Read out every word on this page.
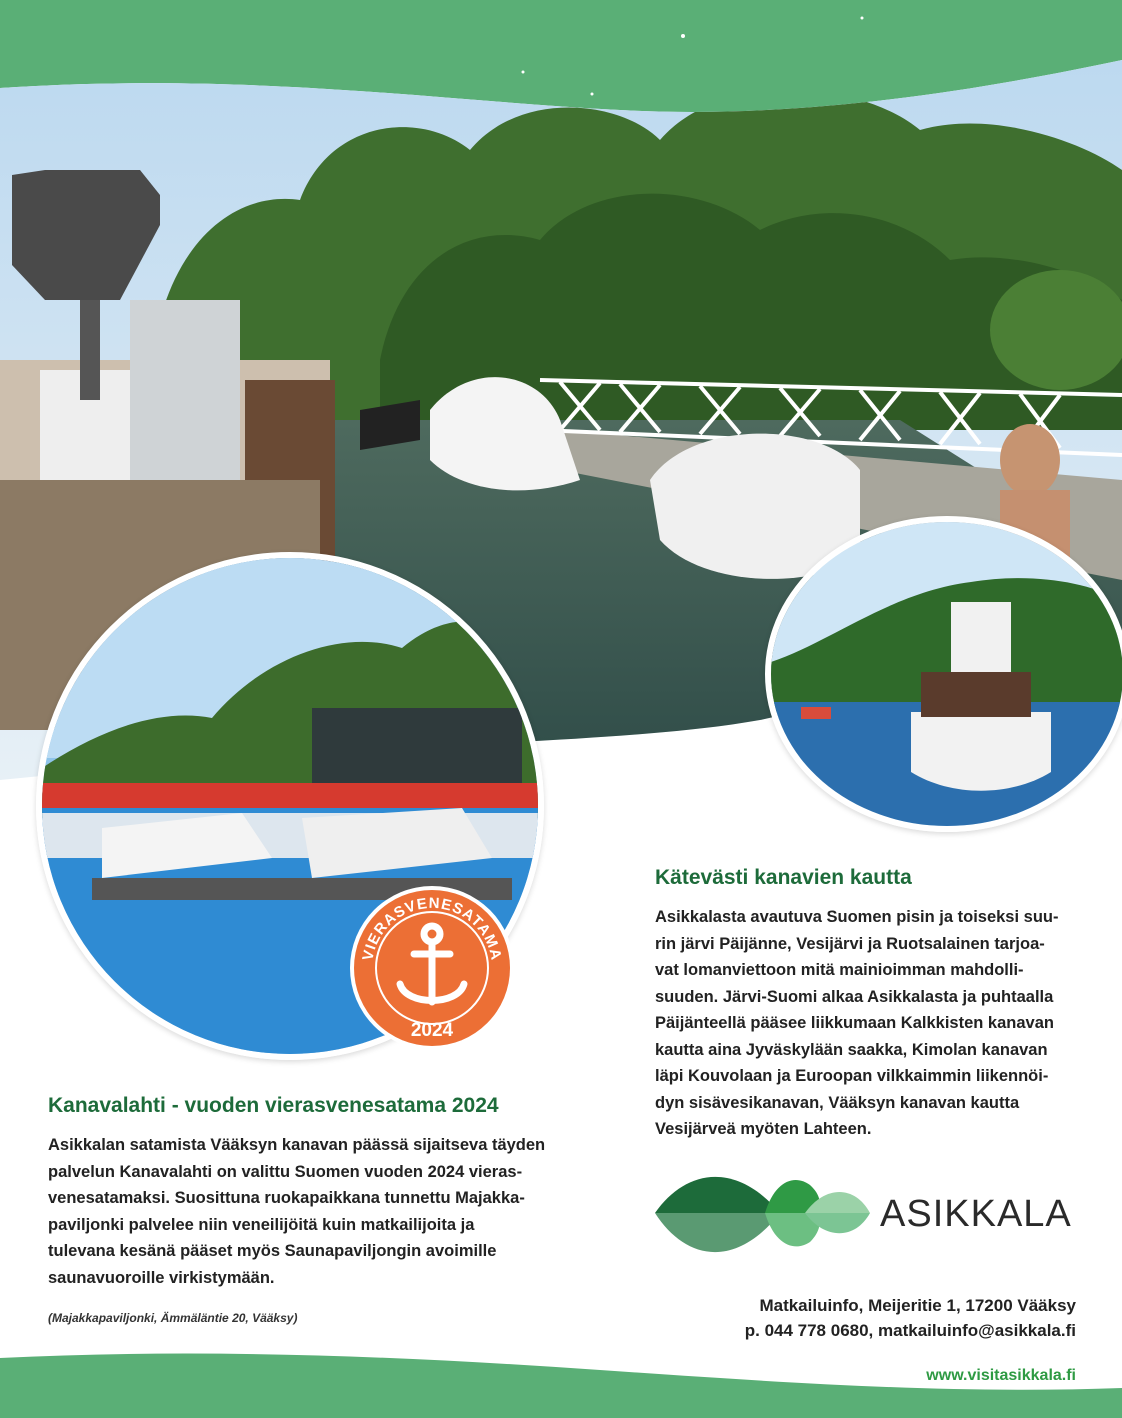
VIERASVENESATAMA
2024
Kanavalahti - vuoden vierasvenesatama 2024
Asikkalan satamista Vääksyn kanavan päässä sijaitseva täyden
palvelun Kanavalahti on valittu Suomen vuoden 2024 vieras-
venesatamaksi. Suosittuna ruokapaikkana tunnettu Majakka-
paviljonki palvelee niin veneilijöitä kuin matkailijoita ja
tulevana kesänä pääset myös Saunapaviljongin avoimille
saunavuoroille virkistymään.
(Majakkapaviljonki, Ämmäläntie 20, Vääksy)
Kätevästi kanavien kautta
Asikkalasta avautuva Suomen pisin ja toiseksi suu-
rin järvi Päijänne, Vesijärvi ja Ruotsalainen tarjoa-
vat lomanviettoon mitä mainioimman mahdolli-
suuden. Järvi-Suomi alkaa Asikkalasta ja puhtaalla
Päijänteellä pääsee liikkumaan Kalkkisten kanavan
kautta aina Jyväskylään saakka, Kimolan kanavan
läpi Kouvolaan ja Euroopan vilkkaimmin liikennöi-
dyn sisävesikanavan, Vääksyn kanavan kautta
Vesijärveä myöten Lahteen.
ASIKKALA
Matkailuinfo, Meijeritie 1, 17200 Vääksy
p. 044 778 0680, matkailuinfo@asikkala.fi
www.visitasikkala.fi
